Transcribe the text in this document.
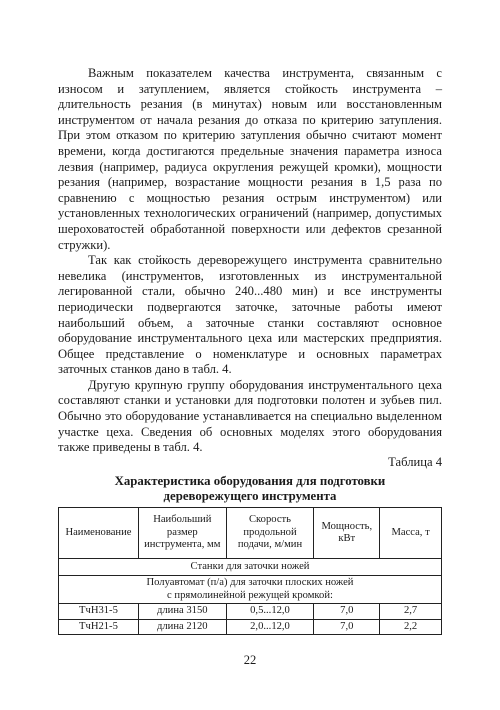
Важным показателем качества инструмента, связанным с износом и затуплением, является стойкость инструмента – длительность резания (в минутах) новым или восстановленным инструментом от начала резания до отказа по критерию затупления. При этом отказом по критерию затупления обычно считают момент времени, когда достигаются предельные значения параметра износа лезвия (например, радиуса округления режущей кромки), мощности резания (например, возрастание мощности резания в 1,5 раза по сравнению с мощностью резания острым инструментом) или установленных технологических ограничений (например, допустимых шероховатостей обработанной поверхности или дефектов срезанной стружки).

Так как стойкость дереворежущего инструмента сравнительно невелика (инструментов, изготовленных из инструментальной легированной стали, обычно 240...480 мин) и все инструменты периодически подвергаются заточке, заточные работы имеют наибольший объем, а заточные станки составляют основное оборудование инструментального цеха или мастерских предприятия. Общее представление о номенклатуре и основных параметрах заточных станков дано в табл. 4.

Другую крупную группу оборудования инструментального цеха составляют станки и установки для подготовки полотен и зубьев пил. Обычно это оборудование устанавливается на специально выделенном участке цеха. Сведения об основных моделях этого оборудования также приведены в табл. 4.

Таблица 4
Характеристика оборудования для подготовки
дереворежущего инструмента
Наименование	Наибольший размер инструмента, мм	Скорость продольной подачи, м/мин	Мощность, кВт	Масса, т
Станки для заточки ножей				

Полуавтомат (п/а) для заточки плоских ножей
с прямолинейной режущей кромкой:				

ТчН31-5	длина 3150	0,5...12,0	7,0	2,7
ТчН21-5	длина 2120	2,0...12,0	7,0	2,2
22
